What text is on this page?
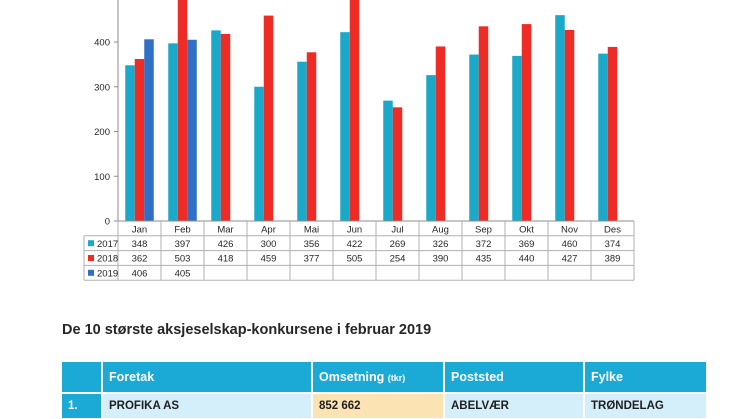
0
100
200
300
400
Jan	Feb	Mar	Apr	Mai	Jun	Jul	Aug	Sep	Okt	Nov	Des
2017 348	397	426	300	356	422	269	326	372	369	460	374
2018 362	503	418	459	377	505	254	390	435	440	427	389
2019 406	405
De 10 største aksjeselskap-konkursene i februar 2019
	Foretak	Omsetning (tkr)	Poststed	Fylke
1.	PROFIKA AS	852 662	ABELVÆR	TRØNDELAG
